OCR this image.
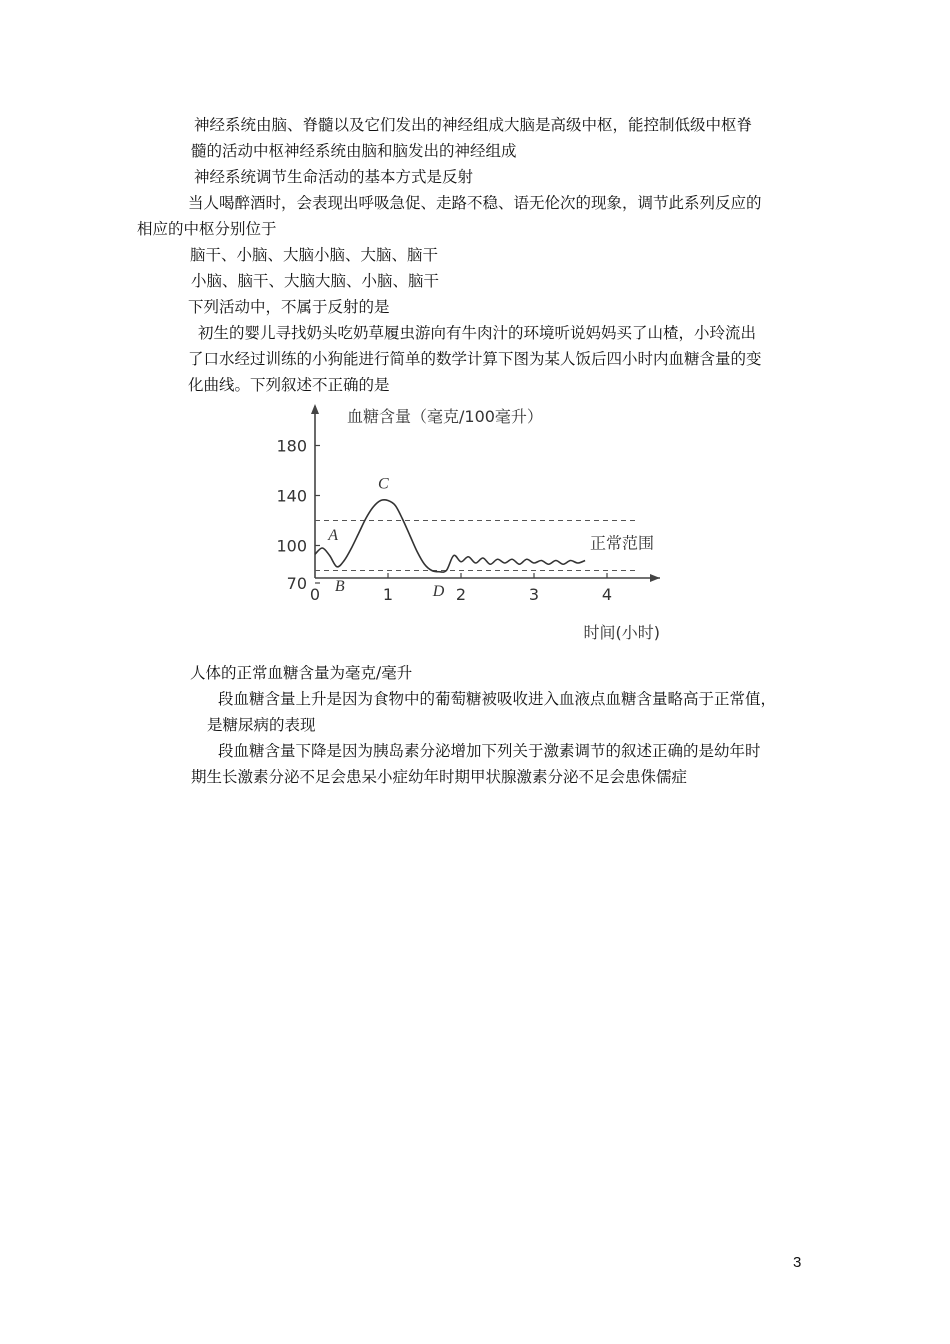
神经系统由脑、脊髓以及它们发出的神经组成大脑是高级中枢，能控制低级中枢脊
髓的活动中枢神经系统由脑和脑发出的神经组成
神经系统调节生命活动的基本方式是反射
当人喝醉酒时，会表现出呼吸急促、走路不稳、语无伦次的现象，调节此系列反应的
相应的中枢分别位于
脑干、小脑、大脑小脑、大脑、脑干
小脑、脑干、大脑大脑、小脑、脑干
下列活动中，不属于反射的是
初生的婴儿寻找奶头吃奶草履虫游向有牛肉汁的环境听说妈妈买了山楂，小玲流出
了口水经过训练的小狗能进行简单的数学计算下图为某人饭后四小时内血糖含量的变
化曲线。下列叙述不正确的是
人体的正常血糖含量为毫克/毫升
段血糖含量上升是因为食物中的葡萄糖被吸收进入血液点血糖含量略高于正常值，
是糖尿病的表现
段血糖含量下降是因为胰岛素分泌增加下列关于激素调节的叙述正确的是幼年时
期生长激素分泌不足会患呆小症幼年时期甲状腺激素分泌不足会患侏儒症
血糖含量（毫克/100毫升）
180
140
100
70
0	1	2	3	4
时间(小时)
正常范围
A
B
C
D
3
